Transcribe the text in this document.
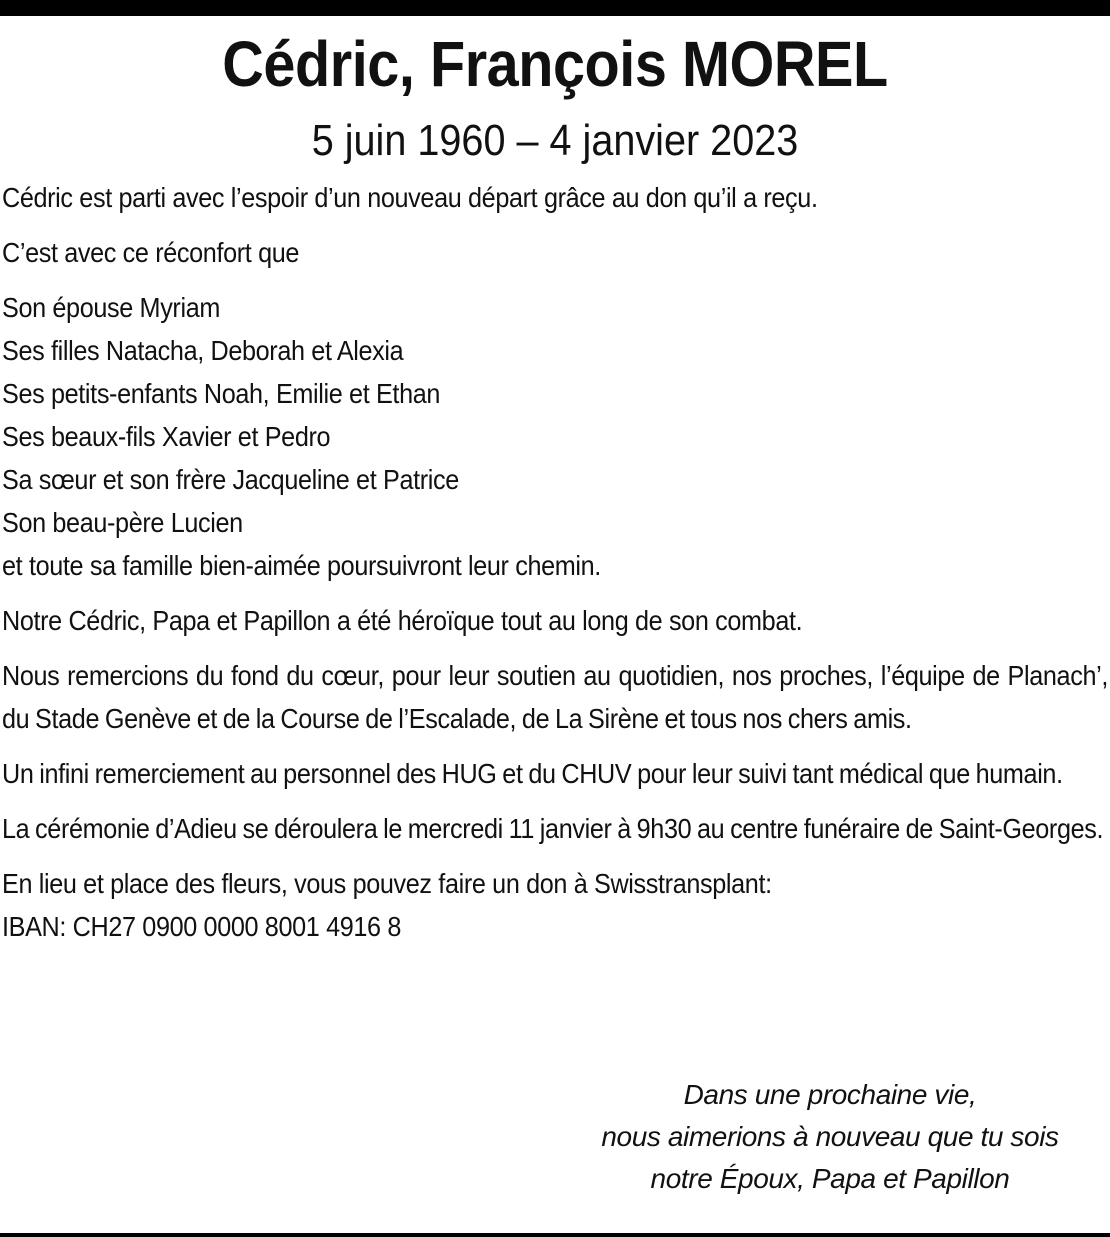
Cédric, François MOREL
5 juin 1960 – 4 janvier 2023
Cédric est parti avec l’espoir d’un nouveau départ grâce au don qu’il a reçu.
C’est avec ce réconfort que
Son épouse Myriam
Ses filles Natacha, Deborah et Alexia
Ses petits-enfants Noah, Emilie et Ethan
Ses beaux-fils Xavier et Pedro
Sa sœur et son frère Jacqueline et Patrice
Son beau-père Lucien
et toute sa famille bien-aimée poursuivront leur chemin.
Notre Cédric, Papa et Papillon a été héroïque tout au long de son combat.
Nous remercions du fond du cœur, pour leur soutien au quotidien, nos proches, l’équipe de Planach’, du Stade Genève et de la Course de l’Escalade, de La Sirène et tous nos chers amis.
Un infini remerciement au personnel des HUG et du CHUV pour leur suivi tant médical que humain.
La cérémonie d’Adieu se déroulera le mercredi 11 janvier à 9h30 au centre funéraire de Saint-Georges.
En lieu et place des fleurs, vous pouvez faire un don à Swisstransplant:
IBAN: CH27 0900 0000 8001 4916 8
Dans une prochaine vie,
nous aimerions à nouveau que tu sois
notre Époux, Papa et Papillon
